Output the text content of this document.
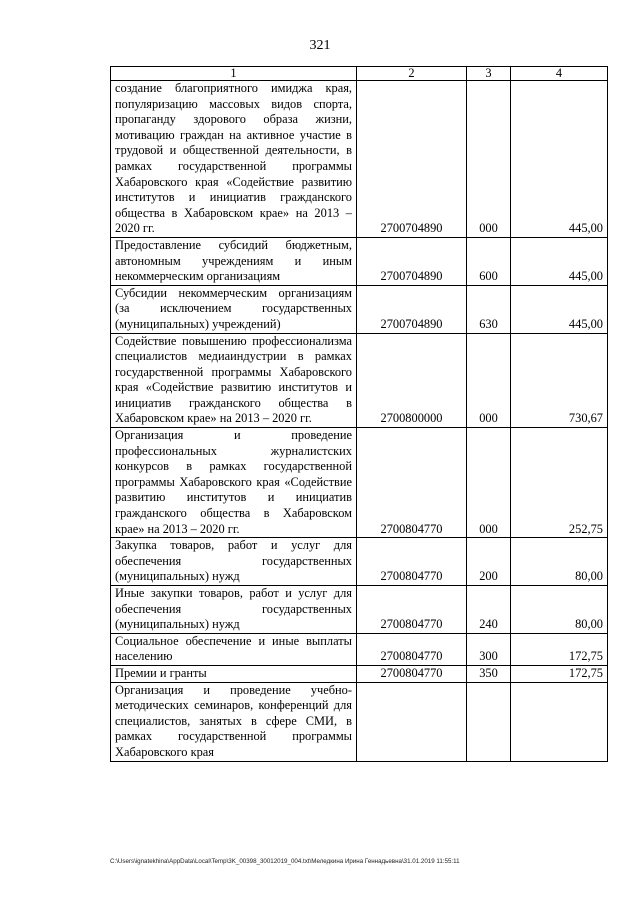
321
1	2	3	4
создание благоприятного имиджа края, популяризацию массовых видов спорта, пропаганду здорового образа жизни, мотивацию граждан на активное участие в трудовой и общественной деятельности, в рамках государственной программы Хабаровского края «Содействие развитию институтов и инициатив гражданского общества в Хабаровском крае» на 2013 – 2020 гг.	2700704890	000	445,00
Предоставление субсидий бюджетным, автономным учреждениям и иным некоммерческим организациям	2700704890	600	445,00
Субсидии некоммерческим организациям (за исключением государственных (муниципальных) учреждений)	2700704890	630	445,00
Содействие повышению профессионализма специалистов медиаиндустрии в рамках государственной программы Хабаровского края «Содействие развитию институтов и инициатив гражданского общества в Хабаровском крае» на 2013 – 2020 гг.	2700800000	000	730,67
Организация и проведение профессиональных журналистских конкурсов в рамках государственной программы Хабаровского края «Содействие развитию институтов и инициатив гражданского общества в Хабаровском крае» на 2013 – 2020 гг.	2700804770	000	252,75
Закупка товаров, работ и услуг для обеспечения государственных (муниципальных) нужд	2700804770	200	80,00
Иные закупки товаров, работ и услуг для обеспечения государственных (муниципальных) нужд	2700804770	240	80,00
Социальное обеспечение и иные выплаты населению	2700804770	300	172,75
Премии и гранты	2700804770	350	172,75
Организация и проведение учебно-методических семинаров, конференций для специалистов, занятых в сфере СМИ, в рамках государственной программы Хабаровского края			
C:\Users\ignatekhina\AppData\Local\Temp\3K_00398_30012019_004.txt\Меледкина Ирина Геннадьевна\31.01.2019 11:55:11
